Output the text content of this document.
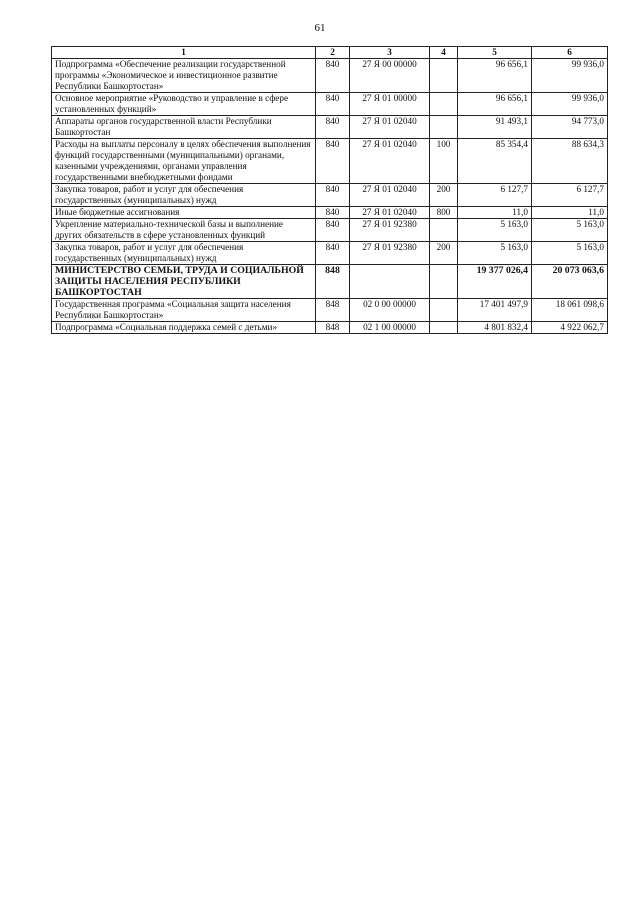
61
1	2	3	4	5	6
Подпрограмма «Обеспечение реализации государственной программы «Экономическое и инвестиционное развитие Республики Башкортостан»	840	27 Я 00 00000		96 656,1	99 936,0
Основное мероприятие «Руководство и управление в сфере установленных функций»	840	27 Я 01 00000		96 656,1	99 936,0
Аппараты органов государственной власти Республики Башкортостан	840	27 Я 01 02040		91 493,1	94 773,0
Расходы на выплаты персоналу в целях обеспечения выполнения функций государственными (муниципальными) органами, казенными учреждениями, органами управления государственными внебюджетными фондами	840	27 Я 01 02040	100	85 354,4	88 634,3
Закупка товаров, работ и услуг для обеспечения государственных (муниципальных) нужд	840	27 Я 01 02040	200	6 127,7	6 127,7
Иные бюджетные ассигнования	840	27 Я 01 02040	800	11,0	11,0
Укрепление материально-технической базы и выполнение других обязательств в сфере установленных функций	840	27 Я 01 92380		5 163,0	5 163,0
Закупка товаров, работ и услуг для обеспечения государственных (муниципальных) нужд	840	27 Я 01 92380	200	5 163,0	5 163,0
МИНИСТЕРСТВО СЕМЬИ, ТРУДА И СОЦИАЛЬНОЙ ЗАЩИТЫ НАСЕЛЕНИЯ РЕСПУБЛИКИ БАШКОРТОСТАН	848			19 377 026,4	20 073 063,6
Государственная программа «Социальная защита населения Республики Башкортостан»	848	02 0 00 00000		17 401 497,9	18 061 098,6
Подпрограмма «Социальная поддержка семей с детьми»	848	02 1 00 00000		4 801 832,4	4 922 062,7
